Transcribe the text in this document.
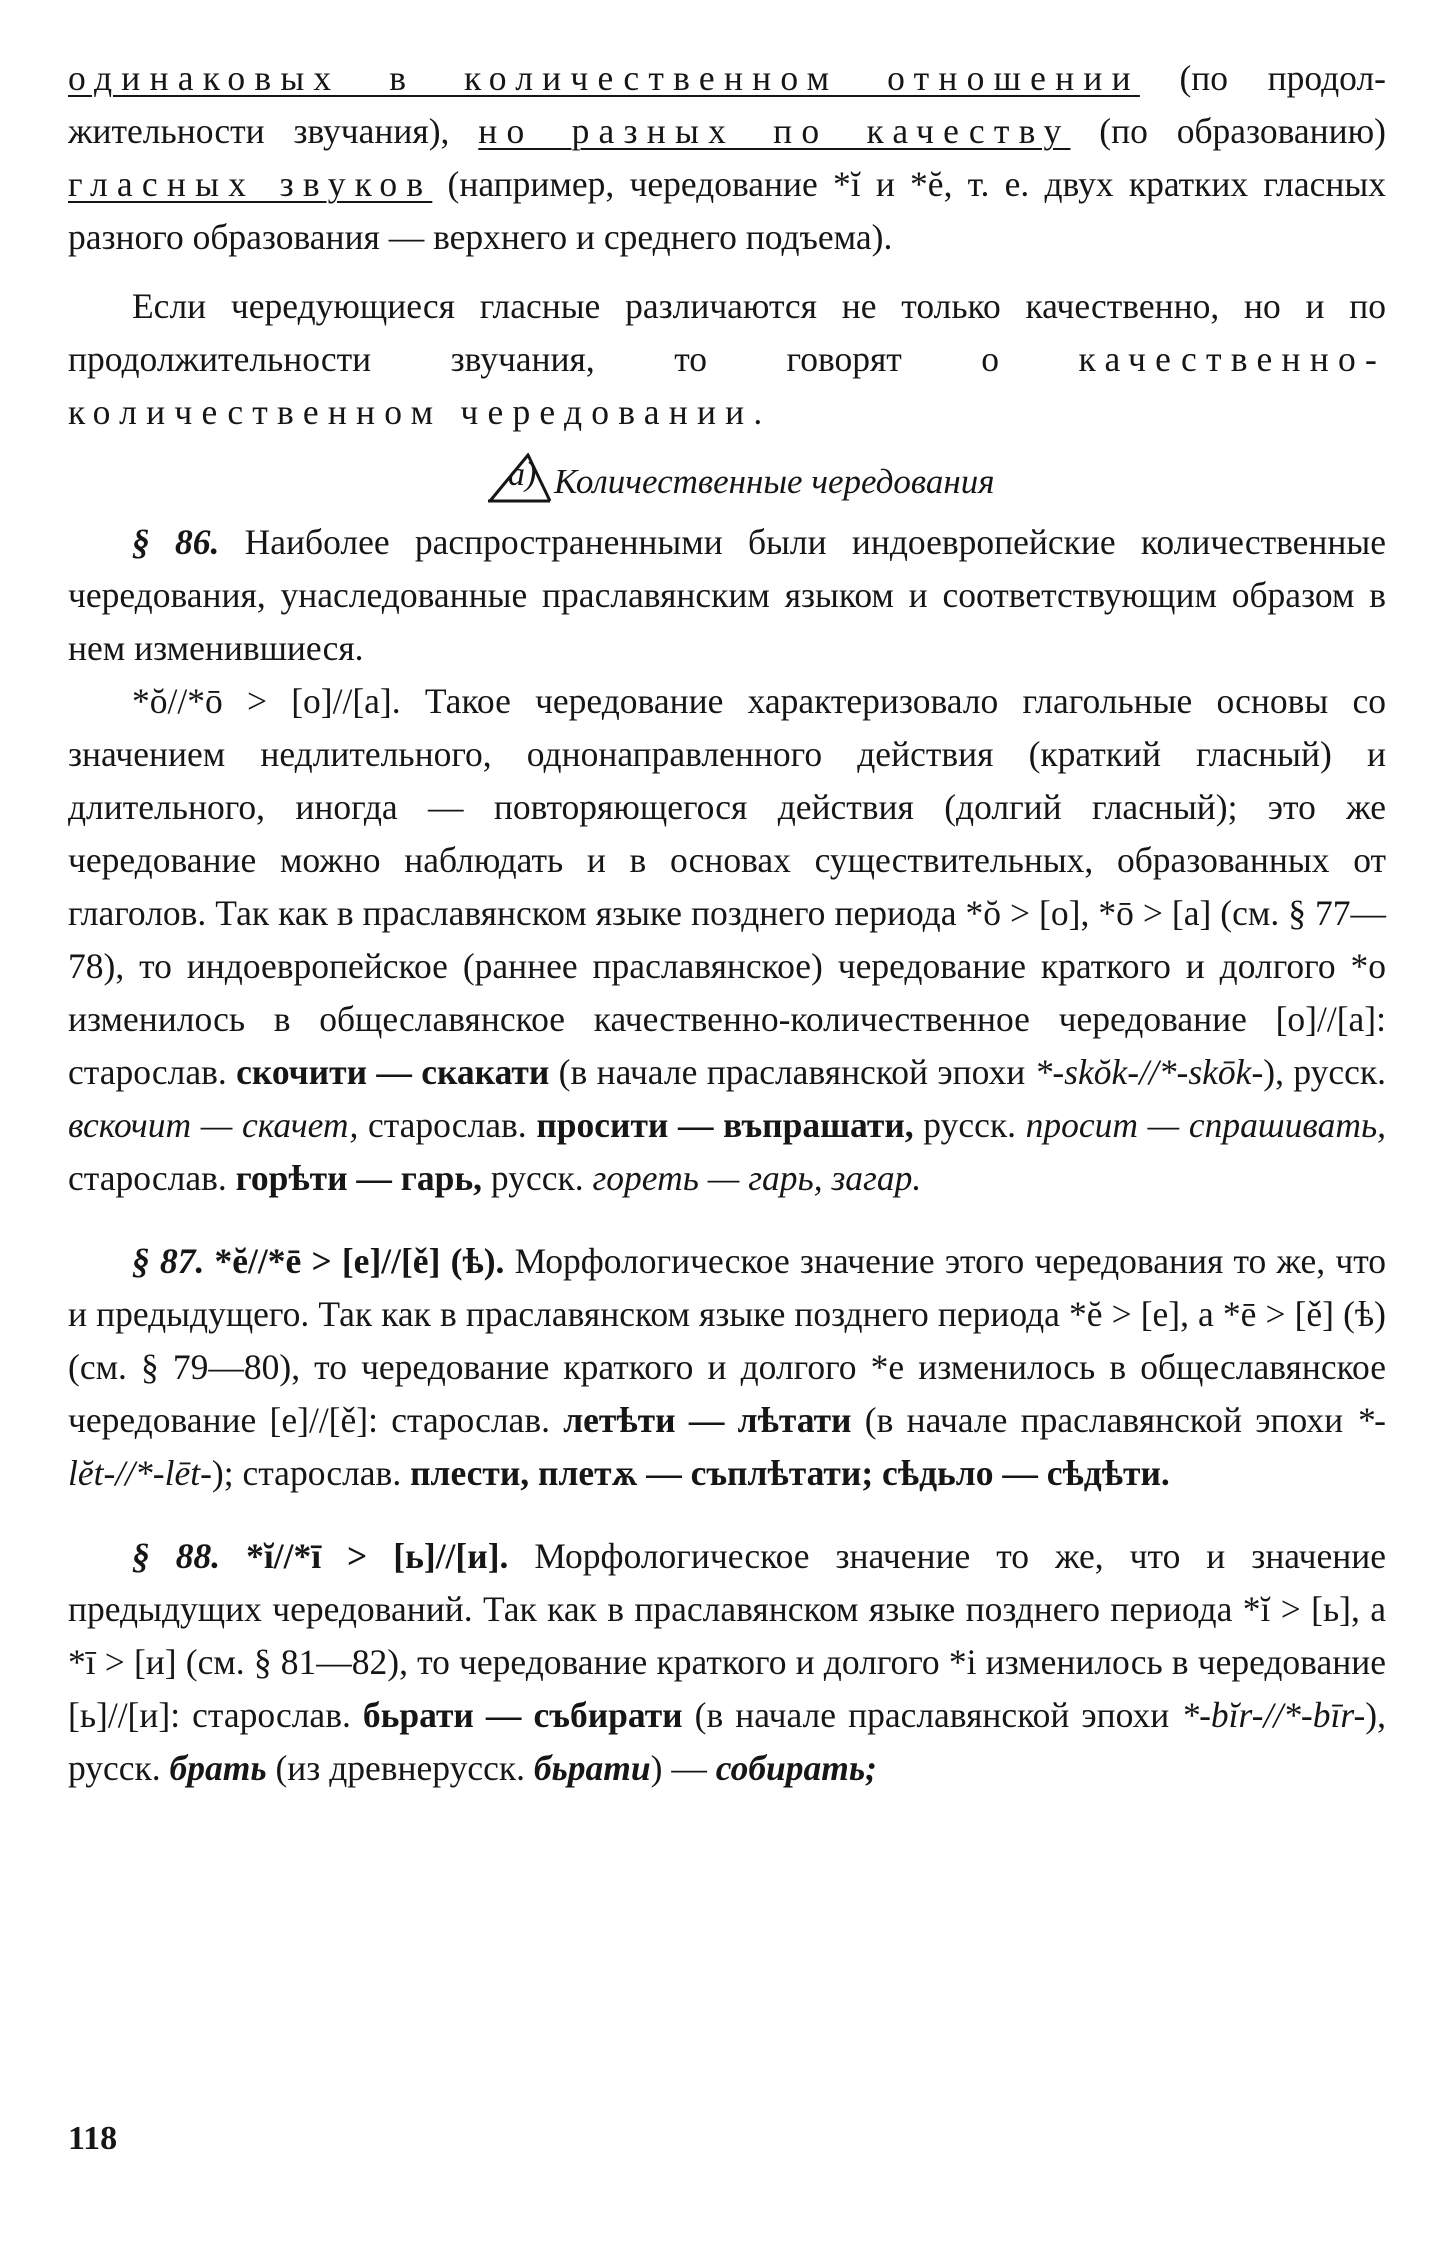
одинаковых в количественном отношении (по продол-жительности звучания), но разных по качеству (по образованию) гласных звуков (например, чередование *ĭ и *ĕ, т. е. двух кратких гласных разного образования — верхнего и среднего подъема).

Если чередующиеся гласные различаются не только качественно, но и по продолжительности звучания, то говорят о качественно-количественном чередовании.

а) Количественные чередования

§ 86. Наиболее распространенными были индоевропейские количественные чередования, унаследованные праславянским языком и соответствующим образом в нем изменившиеся.

*ŏ//*ō > [о]//[а]. Такое чередование характеризовало глагольные основы со значением недлительного, однонаправленного действия (краткий гласный) и длительного, иногда — повторяющегося действия (долгий гласный); это же чередование можно наблюдать и в основах существительных, образованных от глаголов. Так как в праславянском языке позднего периода *ŏ > [о], *ō > [а] (см. § 77—78), то индоевропейское (раннее праславянское) чередование краткого и долгого *о изменилось в общеславянское качественно-количественное чередование [о]//[а]: старослав. скочити — скакати (в начале праславянской эпохи *-skŏk-//*-skōk-), русск. вскочит — скачет, старослав. просити — въпрашати, русск. просит — спрашивать, старослав. горѣти — гарь, русск. гореть — гарь, загар.

§ 87. *ĕ//*ē > [е]//[ě] (ѣ). Морфологическое значение этого чередования то же, что и предыдущего. Так как в праславянском языке позднего периода *ĕ > [е], а *ē > [ě] (ѣ) (см. § 79—80), то чередование краткого и долгого *е изменилось в общеславянское чередование [е]//[ě]: старослав. летѣти — лѣтати (в начале праславянской эпохи *-lĕt-//*-lēt-); старослав. плести, плетѫ — съплѣтати; сѣдьло — сѣдѣти.

§ 88. *ĭ//*ī > [ь]//[и]. Морфологическое значение то же, что и значение предыдущих чередований. Так как в праславянском языке позднего периода *ĭ > [ь], а *ī > [и] (см. § 81—82), то чередование краткого и долгого *i изменилось в чередование [ь]//[и]: старослав. бьрати — събирати (в начале праславянской эпохи *-bĭr-//*-bīr-), русск. брать (из древнерусск. бьрати) — собирать;

118
